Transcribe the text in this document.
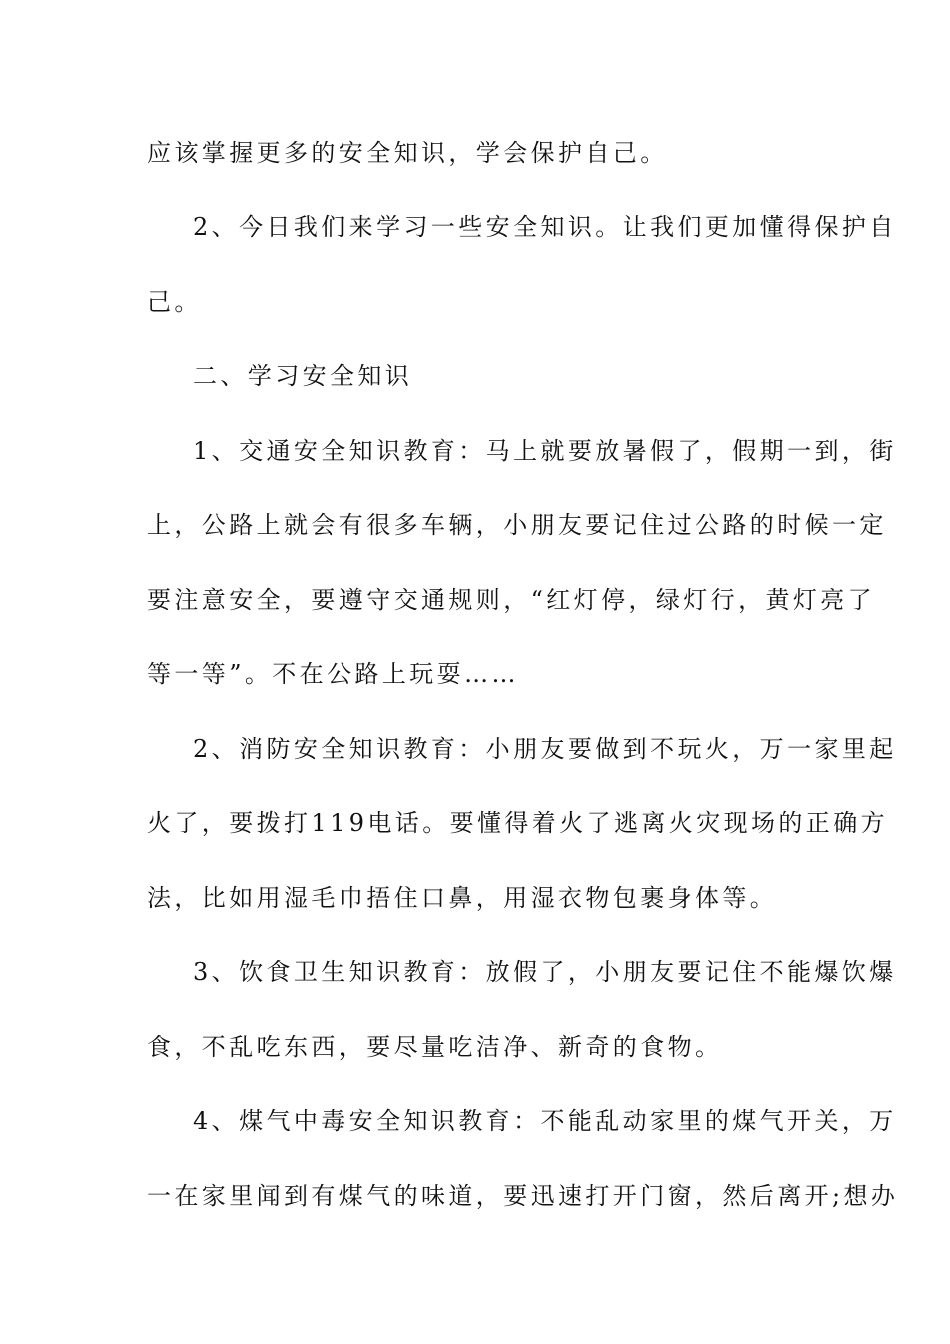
应该掌握更多的安全知识，学会保护自己。
2、今日我们来学习一些安全知识。让我们更加懂得保护自
己。
二、学习安全知识
1、交通安全知识教育：马上就要放暑假了，假期一到，街
上，公路上就会有很多车辆，小朋友要记住过公路的时候一定
要注意安全，要遵守交通规则，“红灯停，绿灯行，黄灯亮了
等一等”。不在公路上玩耍……
2、消防安全知识教育：小朋友要做到不玩火，万一家里起
火了，要拨打119电话。要懂得着火了逃离火灾现场的正确方
法，比如用湿毛巾捂住口鼻，用湿衣物包裹身体等。
3、饮食卫生知识教育：放假了，小朋友要记住不能爆饮爆
食，不乱吃东西，要尽量吃洁净、新奇的食物。
4、煤气中毒安全知识教育：不能乱动家里的煤气开关，万
一在家里闻到有煤气的味道，要迅速打开门窗，然后离开;想办
